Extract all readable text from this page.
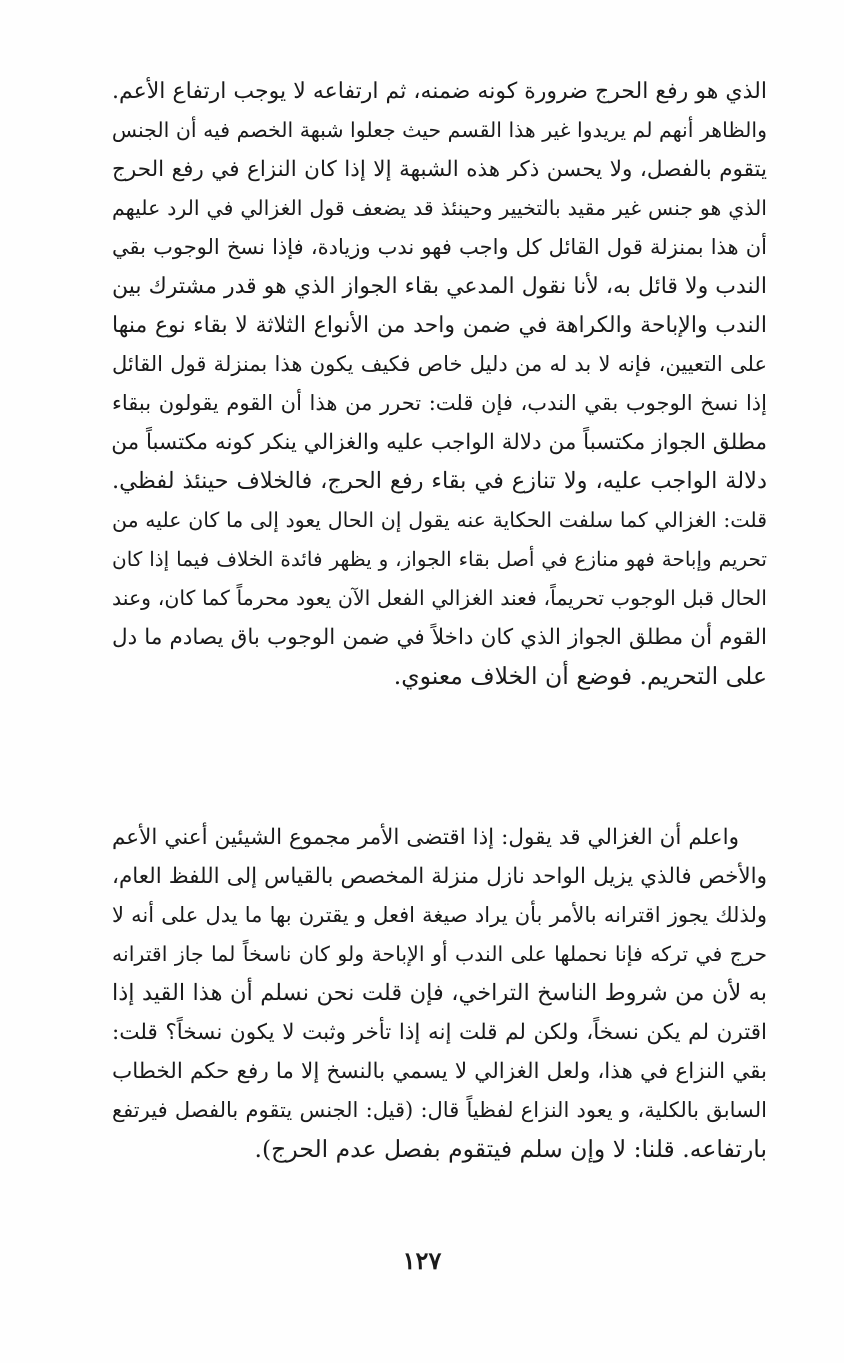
الذي هو رفع الحرج ضرورة كونه ضمنه، ثم ارتفاعه لا يوجب ارتفاع الأعم.
والظاهر أنهم لم يريدوا غير هذا القسم حيث جعلوا شبهة الخصم فيه أن الجنس
يتقوم بالفصل، ولا يحسن ذكر هذه الشبهة إلا إذا كان النزاع في رفع الحرج
الذي هو جنس غير مقيد بالتخيير وحينئذ قد يضعف قول الغزالي في الرد عليهم
أن هذا بمنزلة قول القائل كل واجب فهو ندب وزيادة، فإذا نسخ الوجوب بقي
الندب ولا قائل به، لأنا نقول المدعي بقاء الجواز الذي هو قدر مشترك بين
الندب والإباحة والكراهة في ضمن واحد من الأنواع الثلاثة لا بقاء نوع منها
على التعيين، فإنه لا بد له من دليل خاص فكيف يكون هذا بمنزلة قول القائل
إذا نسخ الوجوب بقي الندب، فإن قلت: تحرر من هذا أن القوم يقولون ببقاء
مطلق الجواز مكتسباً من دلالة الواجب عليه والغزالي ينكر كونه مكتسباً من
دلالة الواجب عليه، ولا تنازع في بقاء رفع الحرج، فالخلاف حينئذ لفظي.
قلت: الغزالي كما سلفت الحكاية عنه يقول إن الحال يعود إلى ما كان عليه من
تحريم وإباحة فهو منازع في أصل بقاء الجواز، و يظهر فائدة الخلاف فيما إذا كان
الحال قبل الوجوب تحريماً، فعند الغزالي الفعل الآن يعود محرماً كما كان، وعند
القوم أن مطلق الجواز الذي كان داخلاً في ضمن الوجوب باق يصادم ما دل
على التحريم. فوضع أن الخلاف معنوي.
واعلم أن الغزالي قد يقول: إذا اقتضى الأمر مجموع الشيئين أعني الأعم
والأخص فالذي يزيل الواحد نازل منزلة المخصص بالقياس إلى اللفظ العام،
ولذلك يجوز اقترانه بالأمر بأن يراد صيغة افعل و يقترن بها ما يدل على أنه لا
حرج في تركه فإنا نحملها على الندب أو الإباحة ولو كان ناسخاً لما جاز اقترانه
به لأن من شروط الناسخ التراخي، فإن قلت نحن نسلم أن هذا القيد إذا
اقترن لم يكن نسخاً، ولكن لم قلت إنه إذا تأخر وثبت لا يكون نسخاً؟ قلت:
بقي النزاع في هذا، ولعل الغزالي لا يسمي بالنسخ إلا ما رفع حكم الخطاب
السابق بالكلية، و يعود النزاع لفظياً قال: (قيل: الجنس يتقوم بالفصل فيرتفع
بارتفاعه. قلنا: لا وإن سلم فيتقوم بفصل عدم الحرج).
١٢٧
